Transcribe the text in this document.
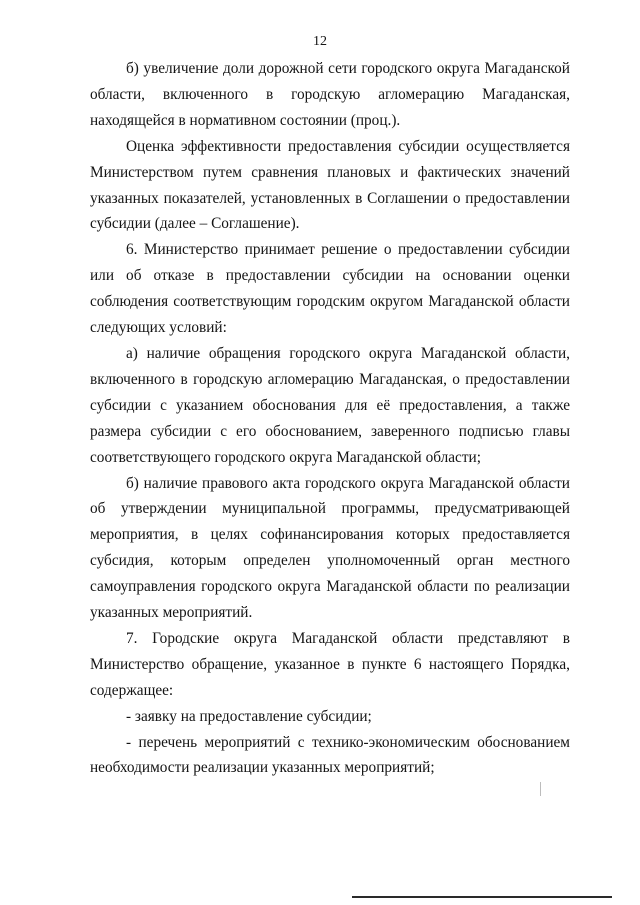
12

б) увеличение доли дорожной сети городского округа Магаданской области, включенного в городскую агломерацию Магаданская, находящейся в нормативном состоянии (проц.).

Оценка эффективности предоставления субсидии осуществляется Министерством путем сравнения плановых и фактических значений указанных показателей, установленных в Соглашении о предоставлении субсидии (далее – Соглашение).

6. Министерство принимает решение о предоставлении субсидии или об отказе в предоставлении субсидии на основании оценки соблюдения соответствующим городским округом Магаданской области следующих условий:

а) наличие обращения городского округа Магаданской области, включенного в городскую агломерацию Магаданская, о предоставлении субсидии с указанием обоснования для её предоставления, а также размера субсидии с его обоснованием, заверенного подписью главы соответствующего городского округа Магаданской области;

б) наличие правового акта городского округа Магаданской области об утверждении муниципальной программы, предусматривающей мероприятия, в целях софинансирования которых предоставляется субсидия, которым определен уполномоченный орган местного самоуправления городского округа Магаданской области по реализации указанных мероприятий.

7. Городские округа Магаданской области представляют в Министерство обращение, указанное в пункте 6 настоящего Порядка, содержащее:

- заявку на предоставление субсидии;

- перечень мероприятий с технико-экономическим обоснованием необходимости реализации указанных мероприятий;
